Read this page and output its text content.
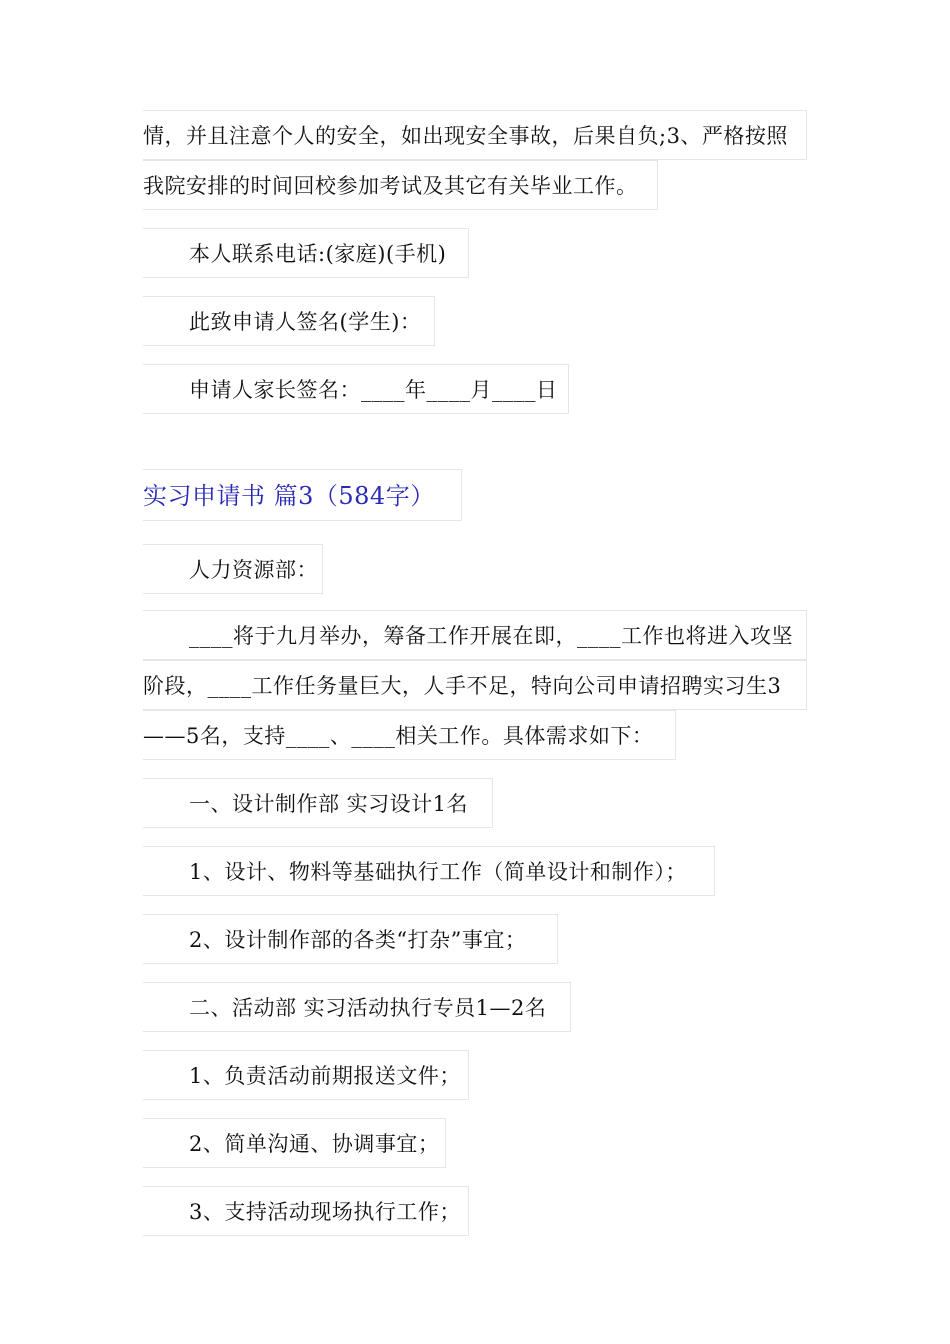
情，并且注意个人的安全，如出现安全事故，后果自负;3、严格按照
我院安排的时间回校参加考试及其它有关毕业工作。
本人联系电话:(家庭)(手机)
此致申请人签名(学生)：
申请人家长签名：____年____月____日
实习申请书 篇3（584字）
人力资源部：
____将于九月举办，筹备工作开展在即，____工作也将进入攻坚
阶段，____工作任务量巨大，人手不足，特向公司申请招聘实习生3
——5名，支持____、____相关工作。具体需求如下：
一、设计制作部 实习设计1名
1、设计、物料等基础执行工作（简单设计和制作）；
2、设计制作部的各类“打杂”事宜；
二、活动部 实习活动执行专员1—2名
1、负责活动前期报送文件；
2、简单沟通、协调事宜；
3、支持活动现场执行工作；
